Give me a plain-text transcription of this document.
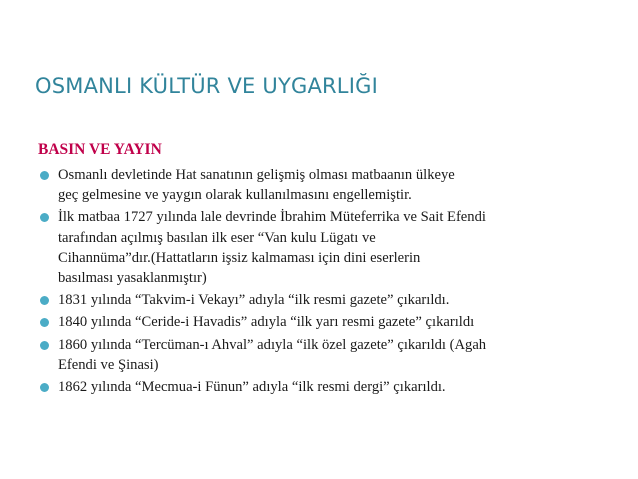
OSMANLI KÜLTÜR VE UYGARLIĞI
BASIN VE YAYIN
Osmanlı devletinde Hat sanatının gelişmiş olması matbaanın ülkeye
geç gelmesine ve yaygın olarak kullanılmasını engellemiştir.
İlk matbaa 1727 yılında lale devrinde İbrahim Müteferrika ve Sait Efendi
tarafından açılmış basılan ilk eser “Van kulu Lügatı ve
Cihannüma”dır.(Hattatların işsiz kalmaması için dini eserlerin
basılması yasaklanmıştır)
1831 yılında “Takvim-i Vekayı” adıyla “ilk resmi gazete” çıkarıldı.
1840 yılında “Ceride-i Havadis” adıyla “ilk yarı resmi gazete” çıkarıldı
1860 yılında “Tercüman-ı Ahval” adıyla “ilk özel gazete” çıkarıldı (Agah
Efendi ve Şinasi)
1862 yılında “Mecmua-i Fünun” adıyla “ilk resmi dergi” çıkarıldı.
